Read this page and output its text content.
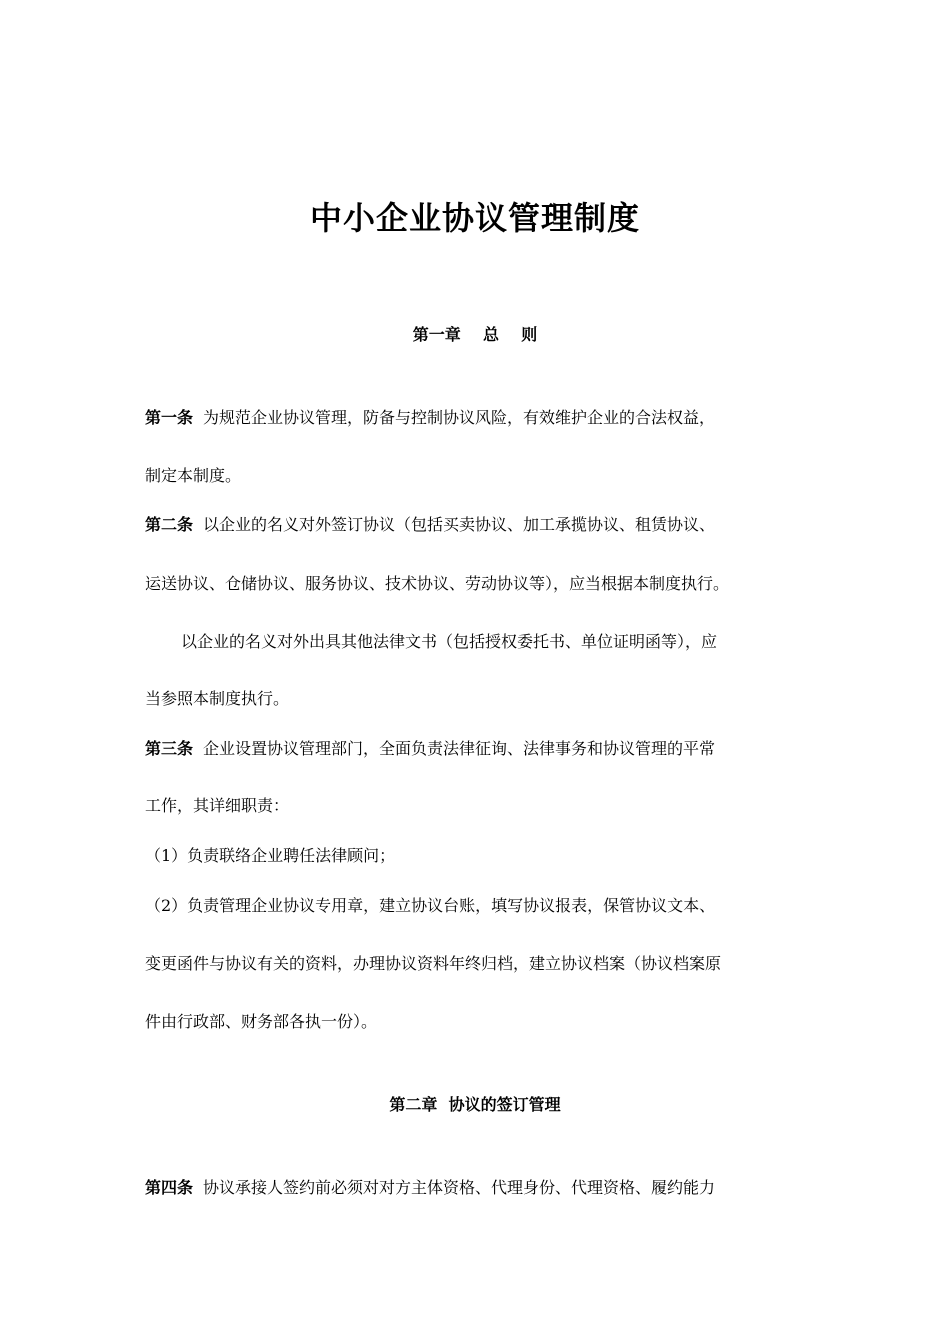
中小企业协议管理制度

第一章    总    则

第一条 为规范企业协议管理，防备与控制协议风险，有效维护企业的合法权益，

制定本制度。

第二条 以企业的名义对外签订协议（包括买卖协议、加工承揽协议、租赁协议、

运送协议、仓储协议、服务协议、技术协议、劳动协议等），应当根据本制度执行。

以企业的名义对外出具其他法律文书（包括授权委托书、单位证明函等），应

当参照本制度执行。

第三条 企业设置协议管理部门，全面负责法律征询、法律事务和协议管理的平常

工作，其详细职责：

（1）负责联络企业聘任法律顾问；

（2）负责管理企业协议专用章，建立协议台账，填写协议报表，保管协议文本、

变更函件与协议有关的资料，办理协议资料年终归档，建立协议档案（协议档案原

件由行政部、财务部各执一份）。

第二章  协议的签订管理

第四条 协议承接人签约前必须对对方主体资格、代理身份、代理资格、履约能力
